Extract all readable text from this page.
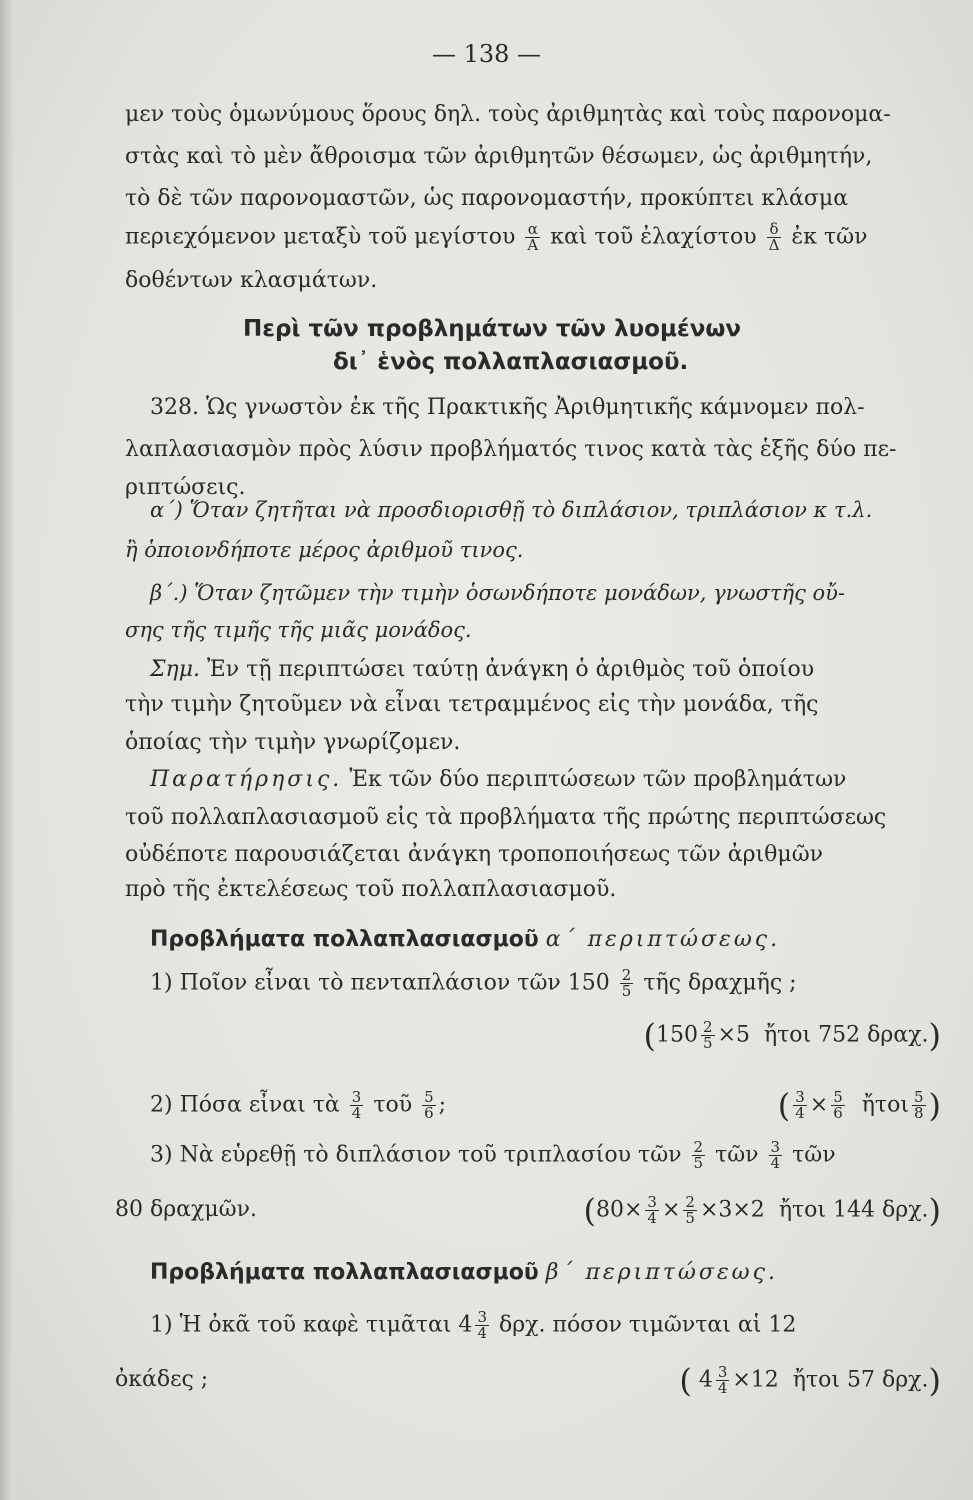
— 138 —
μεν τοὺς ὁμωνύμους ὅρους δηλ. τοὺς ἀριθμητὰς καὶ τοὺς παρονομα-
στὰς καὶ τὸ μὲν ἄθροισμα τῶν ἀριθμητῶν θέσωμεν, ὡς ἀριθμητήν,
τὸ δὲ τῶν παρονομαστῶν, ὡς παρονομαστήν, προκύπτει κλάσμα
περιεχόμενον μεταξὺ τοῦ μεγίστου $\frac{\alpha}{A}$ καὶ τοῦ ἐλαχίστου $\frac{\delta}{\Delta}$ ἐκ τῶν
δοθέντων κλασμάτων.
Περὶ τῶν προβλημάτων τῶν λυομένων
δι᾽ ἑνὸς πολλαπλασιασμοῦ.
328. Ὡς γνωστὸν ἐκ τῆς Πρακτικῆς Ἀριθμητικῆς κάμνομεν πολ-
λαπλασιασμὸν πρὸς λύσιν προβλήματός τινος κατὰ τὰς ἑξῆς δύο πε-
ριπτώσεις.
α΄) Ὅταν ζητῆται νὰ προσδιορισθῇ τὸ διπλάσιον, τριπλάσιον κ τ.λ.
ἢ ὁποιονδήποτε μέρος ἀριθμοῦ τινος.
β΄.) Ὅταν ζητῶμεν τὴν τιμὴν ὁσωνδήποτε μονάδων, γνωστῆς οὔ-
σης τῆς τιμῆς τῆς μιᾶς μονάδος.
Σημ. Ἐν τῇ περιπτώσει ταύτῃ ἀνάγκη ὁ ἀριθμὸς τοῦ ὁποίου
τὴν τιμὴν ζητοῦμεν νὰ εἶναι τετραμμένος εἰς τὴν μονάδα, τῆς
ὁποίας τὴν τιμὴν γνωρίζομεν.
Παρατήρησις. Ἐκ τῶν δύο περιπτώσεων τῶν προβλημάτων
τοῦ πολλαπλασιασμοῦ εἰς τὰ προβλήματα τῆς πρώτης περιπτώσεως
οὐδέποτε παρουσιάζεται ἀνάγκη τροποποιήσεως τῶν ἀριθμῶν
πρὸ τῆς ἐκτελέσεως τοῦ πολλαπλασιασμοῦ.
Προβλήματα πολλαπλασιασμοῦ α΄ περιπτώσεως.
1) Ποῖον εἶναι τὸ πενταπλάσιον τῶν $150 \frac{2}{5}$ τῆς δραχμῆς ;
($150 \frac{2}{5} \times 5$ ἤτοι 752 δραχ.)
2) Πόσα εἶναι τὰ $\frac{3}{4}$ τοῦ $\frac{5}{6}$ ;	( $\frac{3}{4} \times \frac{5}{6}$ ἤτοι $\frac{5}{8}$ )
3) Νὰ εὑρεθῇ τὸ διπλάσιον τοῦ τριπλασίου τῶν $\frac{2}{5}$ τῶν $\frac{3}{4}$ τῶν
80 δραχμῶν.	($80\times \frac{3}{4} \times \frac{2}{5} \times 3\times 2$ ἤτοι 144 δρχ.)
Προβλήματα πολλαπλασιασμοῦ β΄ περιπτώσεως.
1) Ἡ ὀκᾶ τοῦ καφὲ τιμᾶται $4 \frac{3}{4} \delta\rho\chi$. πόσον τιμῶνται αἱ 12
ὀκάδες ;	( $4 \frac{3}{4} \times 12$ ἤτοι 57 δρχ.)
